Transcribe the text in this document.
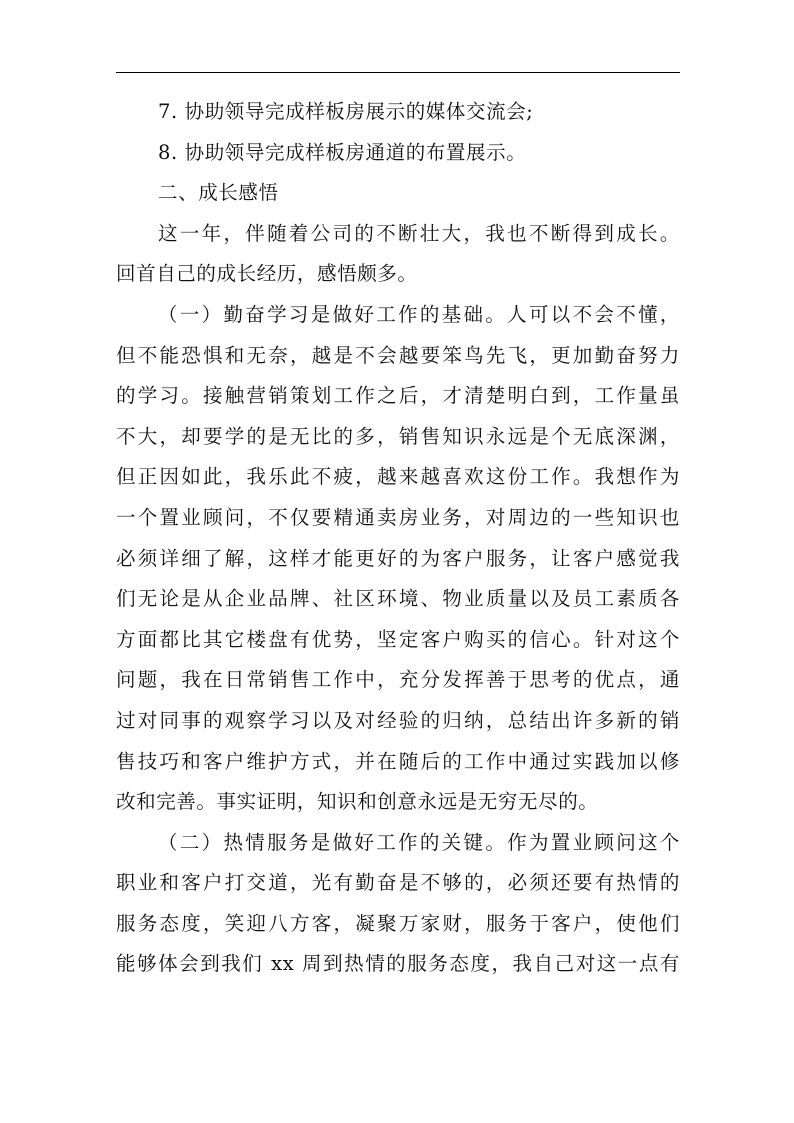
7. 协助领导完成样板房展示的媒体交流会;
8. 协助领导完成样板房通道的布置展示。
二、成长感悟
这一年，伴随着公司的不断壮大，我也不断得到成长。
回首自己的成长经历，感悟颇多。
（一）勤奋学习是做好工作的基础。人可以不会不懂，
但不能恐惧和无奈，越是不会越要笨鸟先飞，更加勤奋努力
的学习。接触营销策划工作之后，才清楚明白到，工作量虽
不大，却要学的是无比的多，销售知识永远是个无底深渊，
但正因如此，我乐此不疲，越来越喜欢这份工作。我想作为
一个置业顾问，不仅要精通卖房业务，对周边的一些知识也
必须详细了解，这样才能更好的为客户服务，让客户感觉我
们无论是从企业品牌、社区环境、物业质量以及员工素质各
方面都比其它楼盘有优势，坚定客户购买的信心。针对这个
问题，我在日常销售工作中，充分发挥善于思考的优点，通
过对同事的观察学习以及对经验的归纳，总结出许多新的销
售技巧和客户维护方式，并在随后的工作中通过实践加以修
改和完善。事实证明，知识和创意永远是无穷无尽的。
（二）热情服务是做好工作的关键。作为置业顾问这个
职业和客户打交道，光有勤奋是不够的，必须还要有热情的
服务态度，笑迎八方客，凝聚万家财，服务于客户，使他们
能够体会到我们 xx 周到热情的服务态度，我自己对这一点有
